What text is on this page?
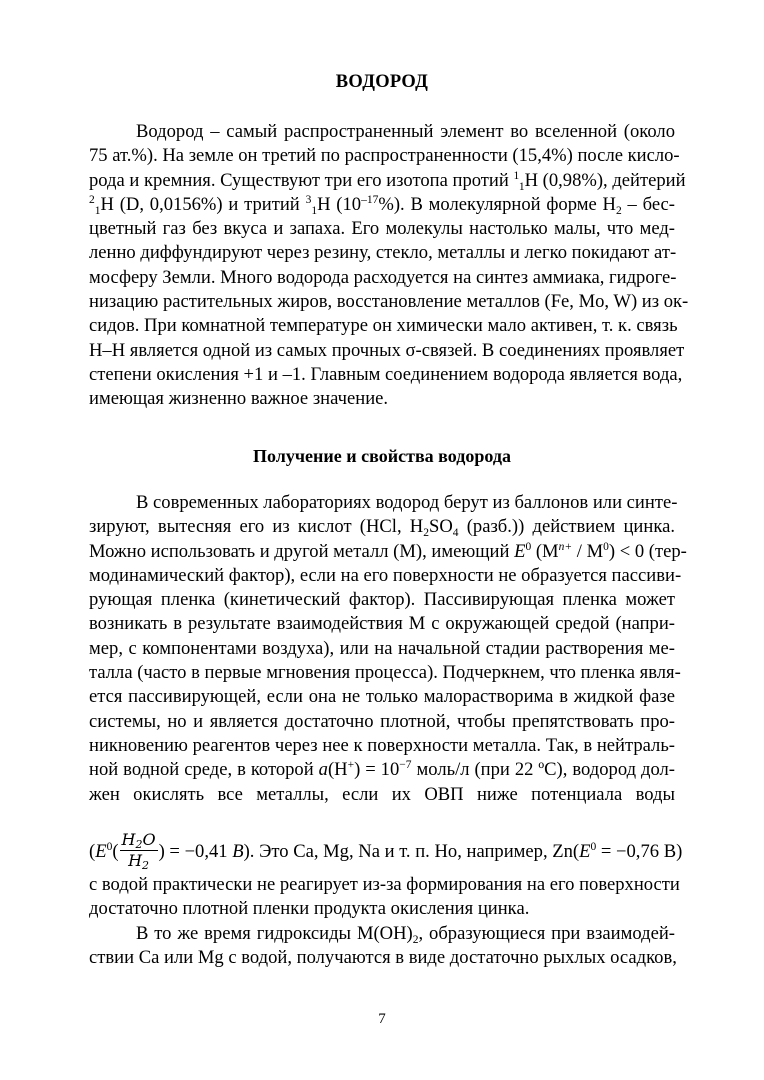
ВОДОРОД
Водород – самый распространенный элемент во вселенной (около
75 ат.%). На земле он третий по распространенности (15,4%) после кисло-
рода и кремния. Существуют три его изотопа протий $^1_1$H (0,98%), дейтерий
$^2_1$H (D, 0,0156%) и тритий $^3_1$H $(10^{-17}\%)$. В молекулярной форме $H_2 - бес-$
цветный газ без вкуса и запаха. Его молекулы настолько малы, что мед-
ленно диффундируют через резину, стекло, металлы и легко покидают ат-
мосферу Земли. Много водорода расходуется на синтез аммиака, гидроге-
низацию растительных жиров, восстановление металлов (Fe, Mo, W) из ок-
сидов. При комнатной температуре он химически мало активен, т. к. связь
H–H является одной из самых прочных σ-связей. В соединениях проявляет
степени окисления +1 и –1. Главным соединением водорода является вода,
имеющая жизненно важное значение.
Получение и свойства водорода
В современных лабораториях водород берут из баллонов или синте-
зируют, вытесняя его из кислот (HCl, $H_2SO_4$ (разб.)) действием цинка.
Можно использовать и другой металл (M), имеющий $E^0$ $(M^{n+} / M^0) < 0$ (тер-
модинамический фактор), если на его поверхности не образуется пассиви-
рующая пленка (кинетический фактор). Пассивирующая пленка может
возникать в результате взаимодействия M с окружающей средой (напри-
мер, с компонентами воздуха), или на начальной стадии растворения ме-
талла (часто в первые мгновения процесса). Подчеркнем, что пленка явля-
ется пассивирующей, если она не только малорастворима в жидкой фазе
системы, но и является достаточно плотной, чтобы препятствовать про-
никновению реагентов через нее к поверхности металла. Так, в нейтраль-
ной водной среде, в которой $a(H^+) = 10^{-7}$ моль/л (при 22 ºС), водород дол-
жен окислять все металлы, если их ОВП ниже потенциала воды
($E^0( \frac{H_2O}{H_2}$ ) = −0,41 B). Это Ca, Mg, Na и т. п. Но, например, $Zn(E^0 = -0,76$ В)
с водой практически не реагирует из-за формирования на его поверхности
достаточно плотной пленки продукта окисления цинка.
В то же время гидроксиды $M(OH)_2$, образующиеся при взаимодей-
ствии Ca или Mg с водой, получаются в виде достаточно рыхлых осадков,
7
